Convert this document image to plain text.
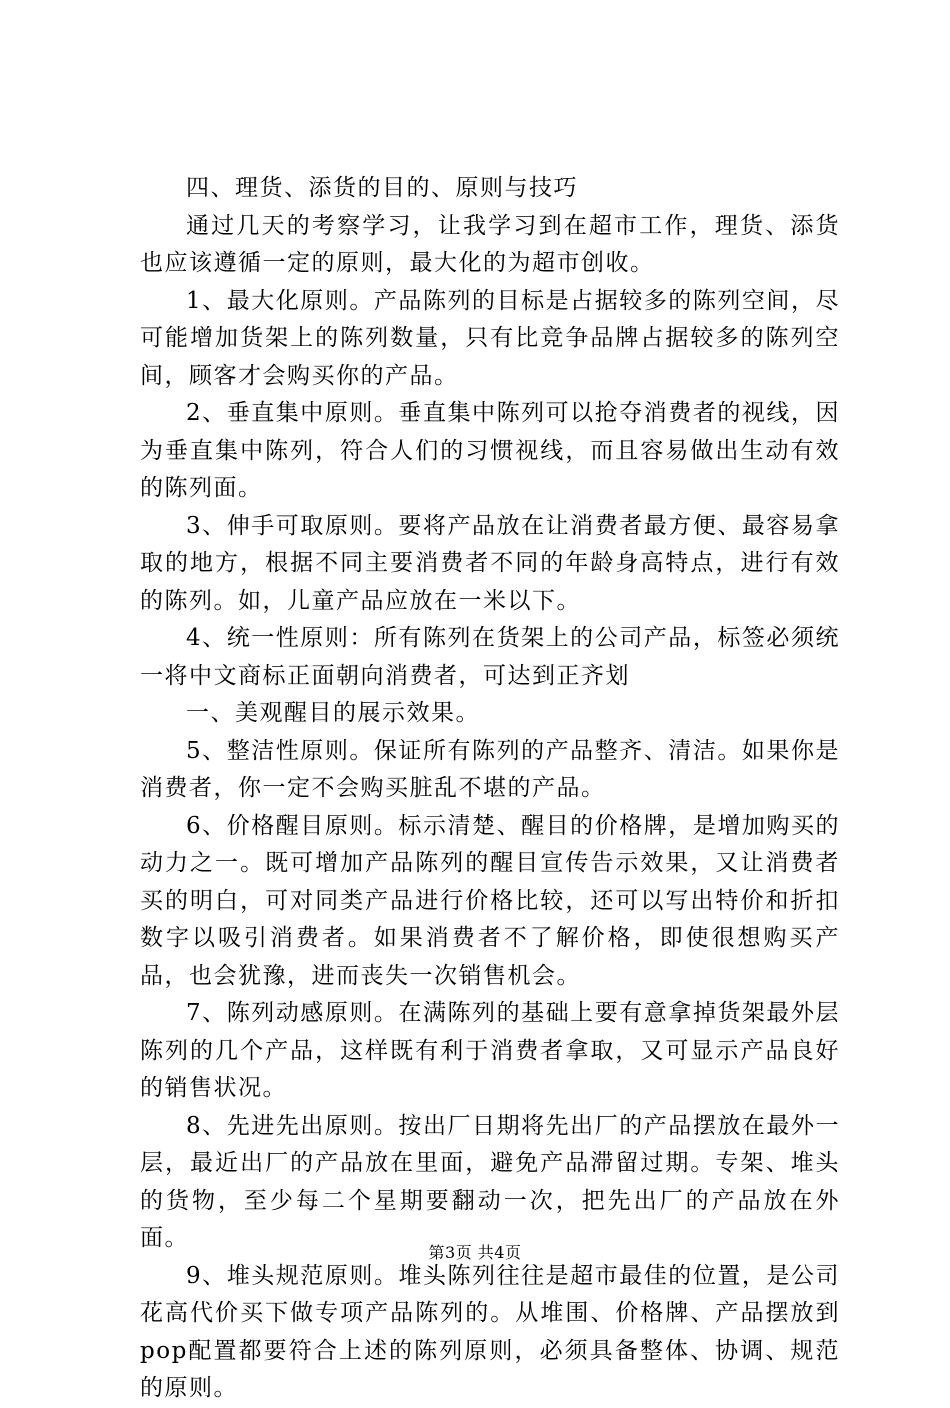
四、理货、添货的目的、原则与技巧

通过几天的考察学习，让我学习到在超市工作，理货、添货也应该遵循一定的原则，最大化的为超市创收。

1、最大化原则。产品陈列的目标是占据较多的陈列空间，尽可能增加货架上的陈列数量，只有比竞争品牌占据较多的陈列空间，顾客才会购买你的产品。

2、垂直集中原则。垂直集中陈列可以抢夺消费者的视线，因为垂直集中陈列，符合人们的习惯视线，而且容易做出生动有效的陈列面。

3、伸手可取原则。要将产品放在让消费者最方便、最容易拿取的地方，根据不同主要消费者不同的年龄身高特点，进行有效的陈列。如，儿童产品应放在一米以下。

4、统一性原则：所有陈列在货架上的公司产品，标签必须统一将中文商标正面朝向消费者，可达到正齐划

一、美观醒目的展示效果。

5、整洁性原则。保证所有陈列的产品整齐、清洁。如果你是消费者，你一定不会购买脏乱不堪的产品。

6、价格醒目原则。标示清楚、醒目的价格牌，是增加购买的动力之一。既可增加产品陈列的醒目宣传告示效果，又让消费者买的明白，可对同类产品进行价格比较，还可以写出特价和折扣数字以吸引消费者。如果消费者不了解价格，即使很想购买产品，也会犹豫，进而丧失一次销售机会。

7、陈列动感原则。在满陈列的基础上要有意拿掉货架最外层陈列的几个产品，这样既有利于消费者拿取，又可显示产品良好的销售状况。

8、先进先出原则。按出厂日期将先出厂的产品摆放在最外一层，最近出厂的产品放在里面，避免产品滞留过期。专架、堆头的货物，至少每二个星期要翻动一次，把先出厂的产品放在外面。

9、堆头规范原则。堆头陈列往往是超市最佳的位置，是公司花高代价买下做专项产品陈列的。从堆围、价格牌、产品摆放到pop配置都要符合上述的陈列原则，必须具备整体、协调、规范的原则。

第3页 共4页
